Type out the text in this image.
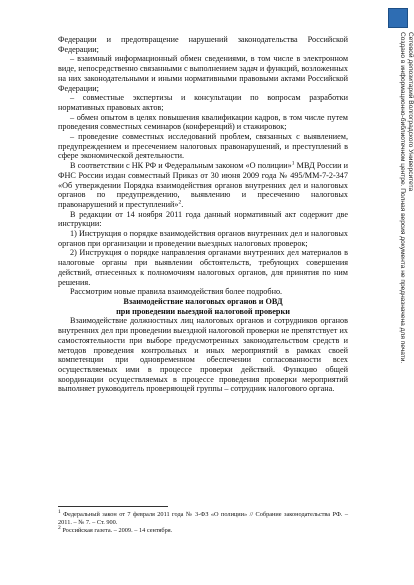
Федерации и предотвращение нарушений законодательства Российской Федерации;

– взаимный информационный обмен сведениями, в том числе в электронном виде, непосредственно связанными с выполнением задач и функций, возложенных на них законодательными и иными нормативными правовыми актами Российской Федерации;

– совместные экспертизы и консультации по вопросам разработки нормативных правовых актов;

– обмен опытом в целях повышения квалификации кадров, в том числе путем проведения совместных семинаров (конференций) и стажировок;

– проведение совместных исследований проблем, связанных с выявлением, предупреждением и пресечением налоговых правонарушений, и преступлений в сфере экономической деятельности.

В соответствии с НК РФ и Федеральным законом «О полиции»$^1$ МВД России и ФНС России издан совместный Приказ от 30 июня 2009 года № 495/ММ-7-2-347 «Об утверждении Порядка взаимодействия органов внутренних дел и налоговых органов по предупреждению, выявлению и пресечению налоговых правонарушений и преступлений»$^2$.

В редакции от 14 ноября 2011 года данный нормативный акт содержит две инструкции:

1) Инструкция о порядке взаимодействия органов внутренних дел и налоговых органов при организации и проведении выездных налоговых проверок;

2) Инструкция о порядке направления органами внутренних дел материалов в налоговые органы при выявлении обстоятельств, требующих совершения действий, отнесенных к полномочиям налоговых органов, для принятия по ним решения.

Рассмотрим новые правила взаимодействия более подробно.

Взаимодействие налоговых органов и ОВД

при проведении выездной налоговой проверки

Взаимодействие должностных лиц налоговых органов и сотрудников органов внутренних дел при проведении выездной налоговой проверки не препятствует их самостоятельности при выборе предусмотренных законодательством средств и методов проведения контрольных и иных мероприятий в рамках своей компетенции при одновременном обеспечении согласованности всех осуществляемых ими в процессе проверки действий. Функцию общей координации осуществляемых в процессе проведения проверки мероприятий выполняет руководитель проверяющей группы – сотрудник налогового органа.

$^1$ Федеральный закон от 7 февраля 2011 года № 3-ФЗ «О полиции» // Собрание законодательства РФ. – 2011. – № 7. – Ст. 900.

$^2$ Российская газета. – 2009. – 14 сентября.

Сетевой депозитарий Волгоградского Университета
Создано в информационно-библиотечном центре. Полная версия документа не предназначена для печати.
